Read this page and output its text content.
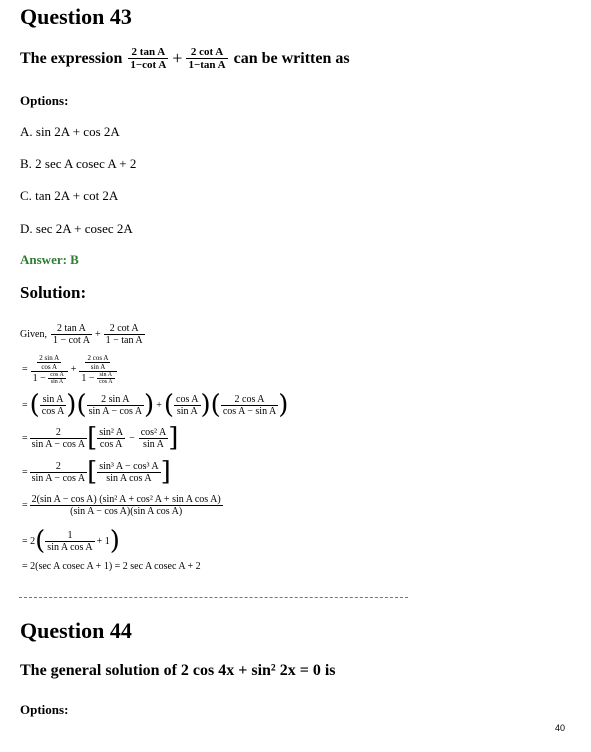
Question 43
The expression $\frac{\text{2 tan A}}{\text{1−cot A}} + \frac{\text{2 cot A}}{\text{1−tan A}}$ can be written as
Options:
A. sin 2A + cos 2A
B. 2 sec A cosec A + 2
C. tan 2A + cot 2A
D. sec 2A + cosec 2A
Answer: B
Solution:
Given, $\frac{\text{2 tan A}}{\text{1 − cot A}} + \frac{\text{2 cot A}}{\text{1 − tan A}}$
= $\frac{\frac{\text{2 sin A}}{\text{cos A}}}{1 - \frac{\text{cos A}}{\text{sin A}}} + \frac{\frac{\text{2 cos A}}{\text{sin A}}}{1 - \frac{\text{sin A}}{\text{cos A}}}$
= ( $\frac{\text{sin A}}{\text{cos A}}$ ) ( $\frac{\text{2 sin A}}{\text{sin A − cos A}}$ ) + ( $\frac{\text{cos A}}{\text{sin A}}$ ) ( $\frac{\text{2 cos A}}{\text{cos A − sin A}}$ )
= $\frac{2}{\text{sin A − cos A}}$ [ $\frac{\text{sin² A}}{\text{cos A}} - \frac{\text{cos² A}}{\text{sin A}}$ ]
= $\frac{2}{\text{sin A − cos A}}$ [ $\frac{\text{sin³ A − cos³ A}}{\text{sin A cos A}}$ ]
= $\frac{\text{2(sin A − cos A) (sin² A + cos² A + sin A cos A)}}{\text{(sin A − cos A)(sin A cos A)}}$
= 2 ( $\frac{1}{\text{sin A cos A}} + 1$ )
= 2(sec A cosec A + 1) = 2 sec A cosec A + 2
Question 44
The general solution of 2 cos 4x + sin² 2x = 0 is
Options:
40
